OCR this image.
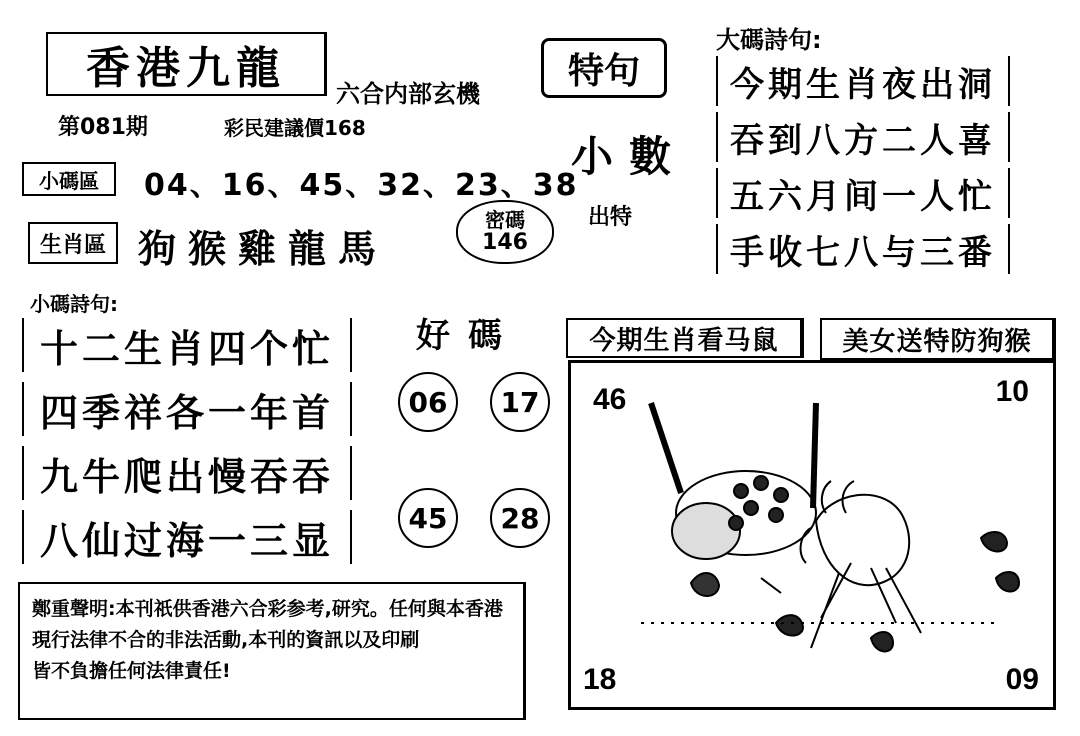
香港九龍 六合内部玄機
第081期	彩民建議價168
小碼區	04、16、45、32、23、38
生肖區 狗猴雞龍馬
密碼
146
特句
小數
出特
大碼詩句:
今期生肖夜出洞
吞到八方二人喜
五六月间一人忙
手收七八与三番
小碼詩句:
十二生肖四个忙
四季祥各一年首
九牛爬出慢吞吞
八仙过海一三显
好碼
06	17
45	28
今期生肖看马鼠	美女送特防狗猴
46	10
18	09
鄭重聲明:本刊祇供香港六合彩参考,研究。任何與本香港
現行法律不合的非法活動,本刊的資訊以及印刷
皆不負擔任何法律責任!
